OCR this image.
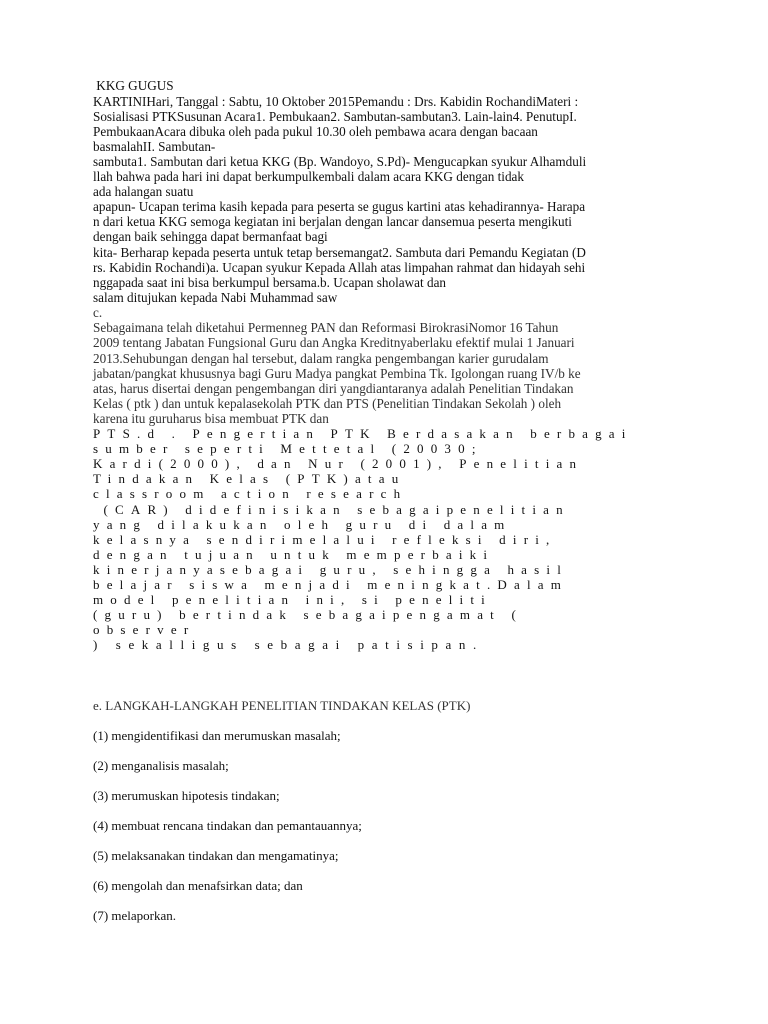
KKG GUGUS
KARTINIHari, Tanggal : Sabtu, 10 Oktober 2015Pemandu : Drs. Kabidin RochandiMateri :
Sosialisasi PTKSusunan Acara1. Pembukaan2. Sambutan-sambutan3. Lain-lain4. PenutupI.
PembukaanAcara dibuka oleh pada pukul 10.30 oleh pembawa acara dengan bacaan
basmalahII. Sambutan-
sambuta1. Sambutan dari ketua KKG (Bp. Wandoyo, S.Pd)- Mengucapkan syukur Alhamduli
llah bahwa pada hari ini dapat berkumpulkembali dalam acara KKG dengan tidak
ada halangan suatu
apapun- Ucapan terima kasih kepada para peserta se gugus kartini atas kehadirannya- Harapa
n dari ketua KKG semoga kegiatan ini berjalan dengan lancar dansemua peserta mengikuti
dengan baik sehingga dapat bermanfaat bagi
kita- Berharap kepada peserta untuk tetap bersemangat2. Sambuta dari Pemandu Kegiatan (D
rs. Kabidin Rochandi)a. Ucapan syukur Kepada Allah atas limpahan rahmat dan hidayah sehi
nggapada saat ini bisa berkumpul bersama.b. Ucapan sholawat dan
salam ditujukan kepada Nabi Muhammad saw
c.
Sebagaimana telah diketahui Permenneg PAN dan Reformasi BirokrasiNomor 16 Tahun
2009 tentang Jabatan Fungsional Guru dan Angka Kreditnyaberlaku efektif mulai 1 Januari
2013.Sehubungan dengan hal tersebut, dalam rangka pengembangan karier gurudalam
jabatan/pangkat khususnya bagi Guru Madya pangkat Pembina Tk. Igolongan ruang IV/b ke
atas, harus disertai dengan pengembangan diri yangdiantaranya adalah Penelitian Tindakan
Kelas ( ptk ) dan untuk kepalasekolah PTK dan PTS (Penelitian Tindakan Sekolah ) oleh
karena itu guruharus bisa membuat PTK dan
PTS.d . Pengertian PTK Berdasakan berbagai
sumber seperti Mettetal (20030;
Kardi(2000), dan Nur (2001), Penelitian
Tindakan Kelas (PTK)atau
classroom action research
(CAR) didefinisikan sebagaipenelitian
yang dilakukan oleh guru di dalam
kelasnya sendirimelalui refleksi diri,
dengan tujuan untuk memperbaiki
kinerjanyasebagai guru, sehingga hasil
belajar siswa menjadi meningkat.Dalam
model penelitian ini, si peneliti
(guru) bertindak sebagaipengamat (
observer
) sekalligus sebagai patisipan.
e. LANGKAH-LANGKAH PENELITIAN TINDAKAN KELAS (PTK)
(1) mengidentifikasi dan merumuskan masalah;
(2) menganalisis masalah;
(3) merumuskan hipotesis tindakan;
(4) membuat rencana tindakan dan pemantauannya;
(5) melaksanakan tindakan dan mengamatinya;
(6) mengolah dan menafsirkan data; dan
(7) melaporkan.
